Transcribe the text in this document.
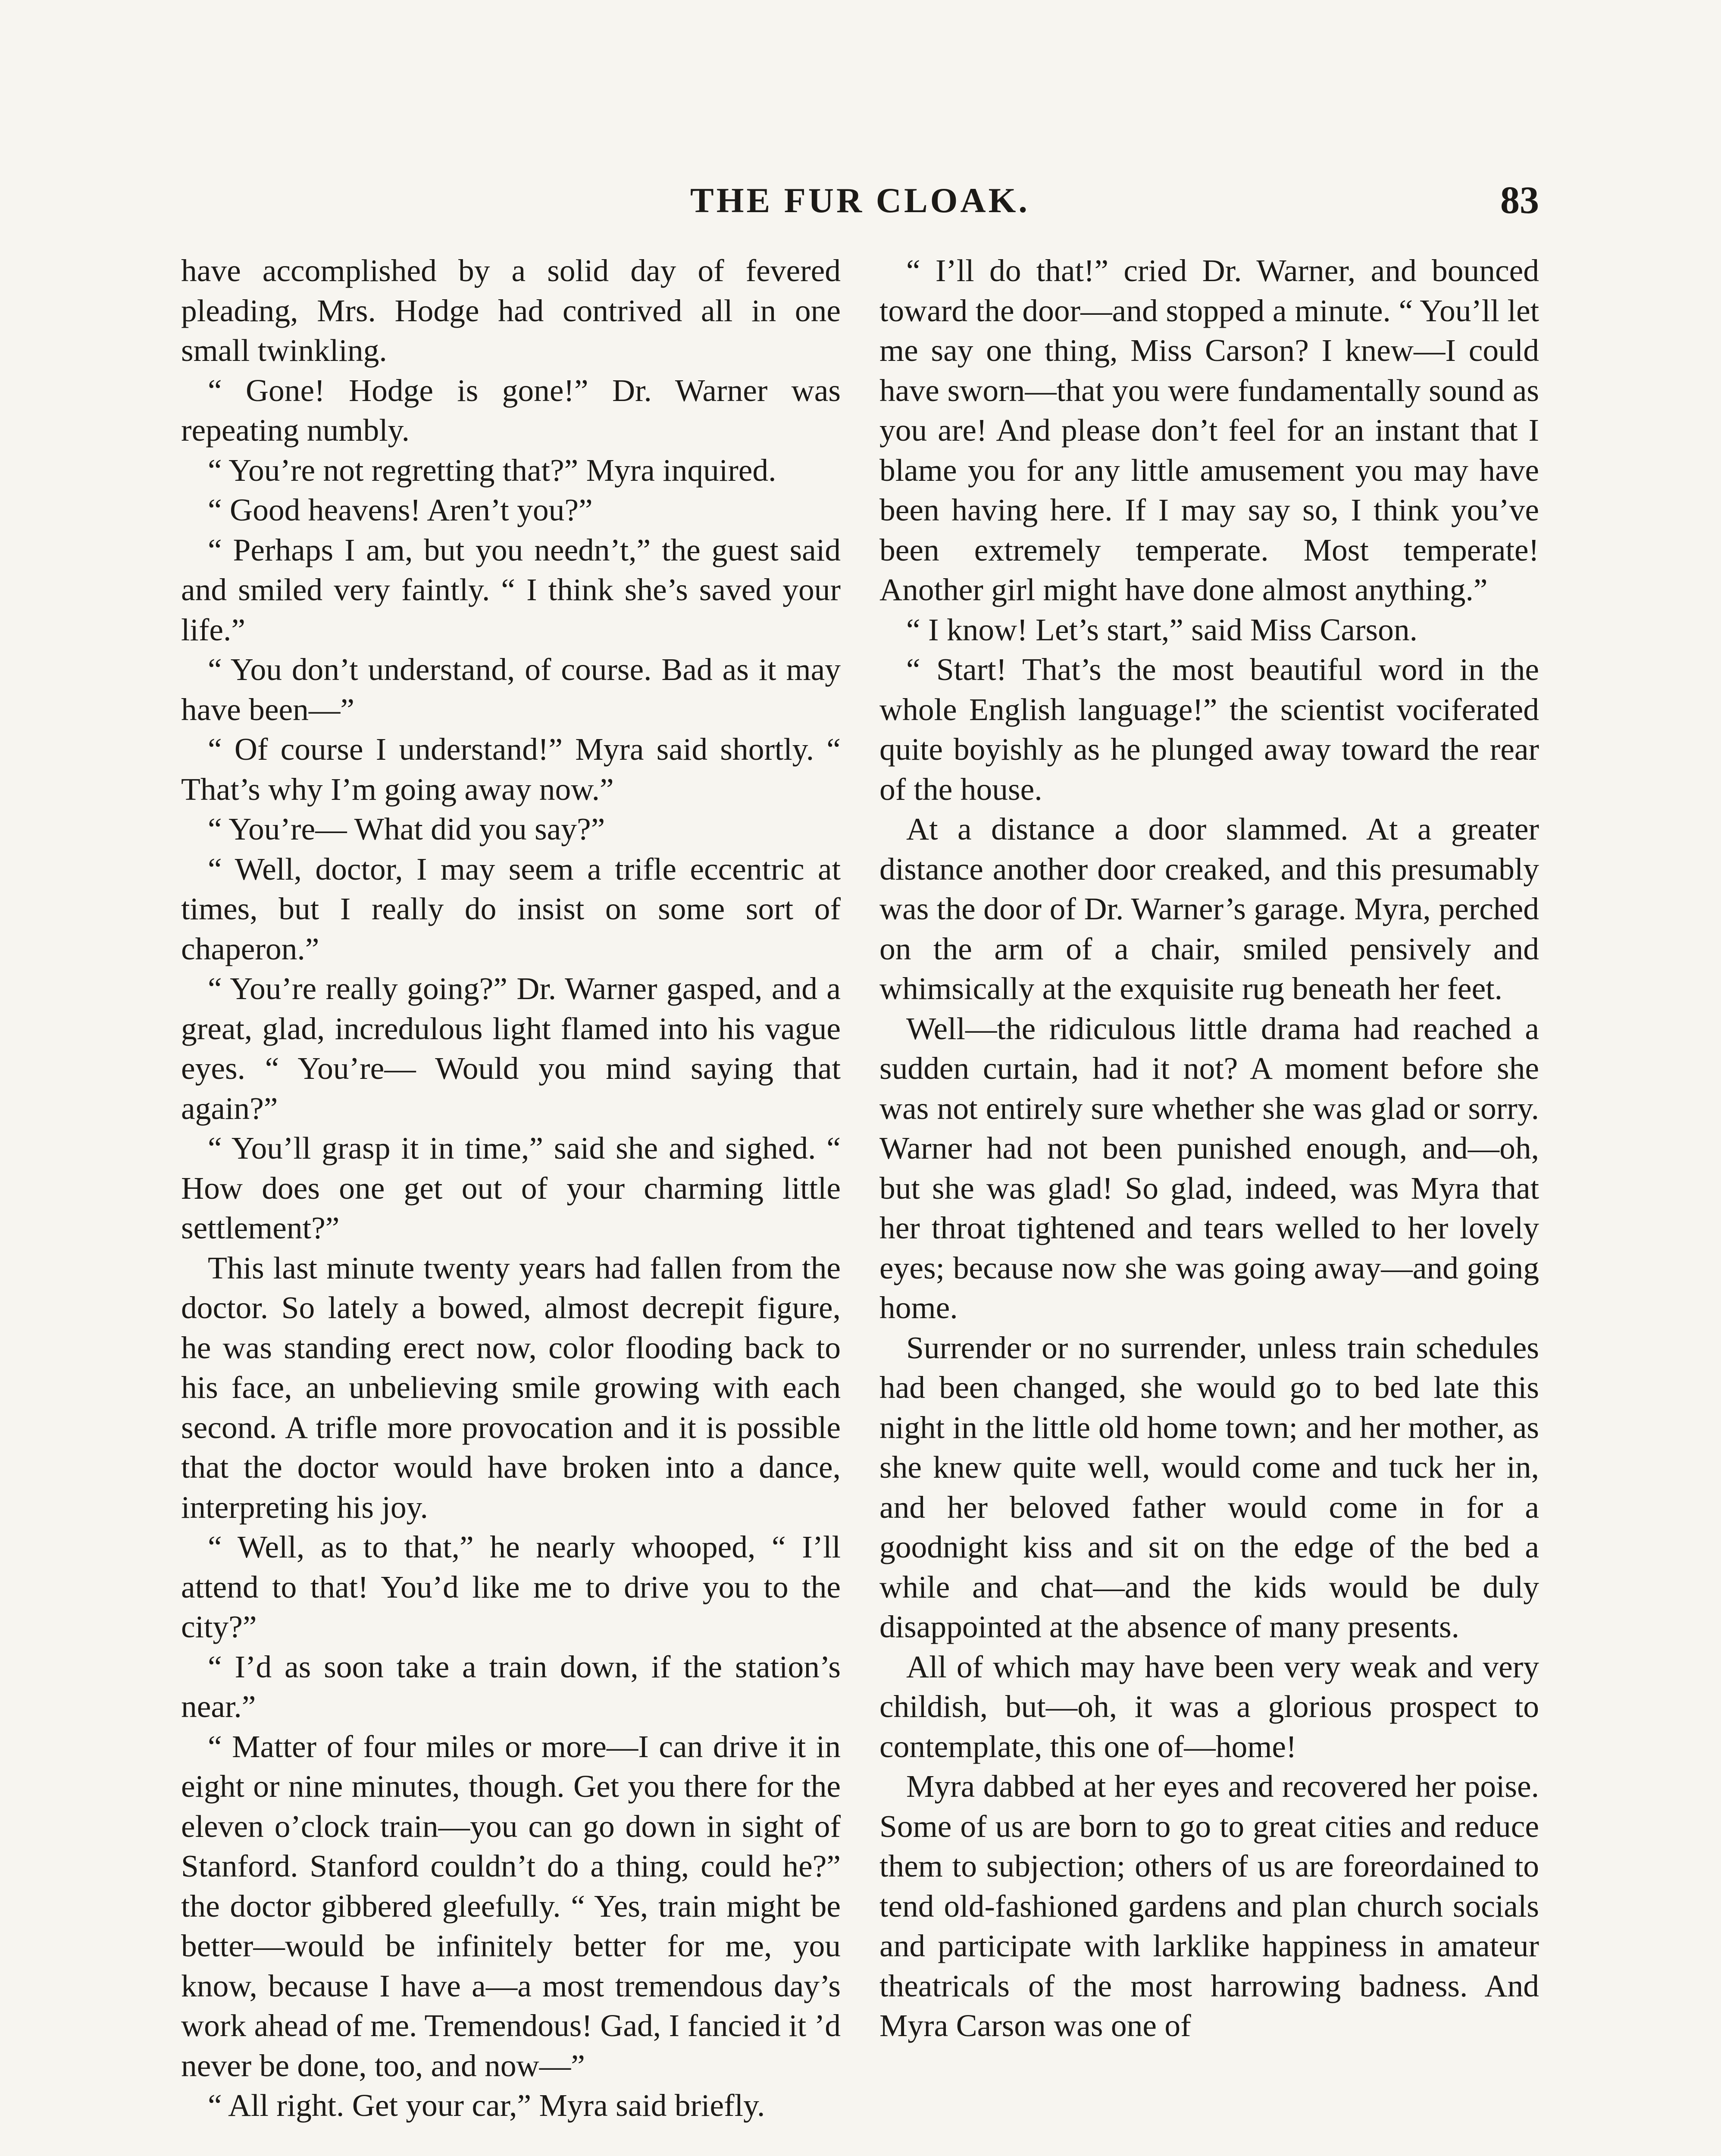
THE FUR CLOAK.	83

have accomplished by a solid day of fevered pleading, Mrs. Hodge had contrived all in one small twinkling.

“ Gone! Hodge is gone!” Dr. Warner was repeating numbly.

“ You’re not regretting that?” Myra inquired.

“ Good heavens! Aren’t you?”

“ Perhaps I am, but you needn’t,” the guest said and smiled very faintly. “ I think she’s saved your life.”

“ You don’t understand, of course. Bad as it may have been—”

“ Of course I understand!” Myra said shortly. “ That’s why I’m going away now.”

“ You’re— What did you say?”

“ Well, doctor, I may seem a trifle eccentric at times, but I really do insist on some sort of chaperon.”

“ You’re really going?” Dr. Warner gasped, and a great, glad, incredulous light flamed into his vague eyes. “ You’re— Would you mind saying that again?”

“ You’ll grasp it in time,” said she and sighed. “ How does one get out of your charming little settlement?”

This last minute twenty years had fallen from the doctor. So lately a bowed, almost decrepit figure, he was standing erect now, color flooding back to his face, an unbelieving smile growing with each second. A trifle more provocation and it is possible that the doctor would have broken into a dance, interpreting his joy.

“ Well, as to that,” he nearly whooped, “ I’ll attend to that! You’d like me to drive you to the city?”

“ I’d as soon take a train down, if the station’s near.”

“ Matter of four miles or more—I can drive it in eight or nine minutes, though. Get you there for the eleven o’clock train—you can go down in sight of Stanford. Stanford couldn’t do a thing, could he?” the doctor gibbered gleefully. “ Yes, train might be better—would be infinitely better for me, you know, because I have a—a most tremendous day’s work ahead of me. Tremendous! Gad, I fancied it ’d never be done, too, and now—”

“ All right. Get your car,” Myra said briefly.

“ I’ll do that!” cried Dr. Warner, and bounced toward the door—and stopped a minute. “ You’ll let me say one thing, Miss Carson? I knew—I could have sworn—that you were fundamentally sound as you are! And please don’t feel for an instant that I blame you for any little amusement you may have been having here. If I may say so, I think you’ve been extremely temperate. Most temperate! Another girl might have done almost anything.”

“ I know! Let’s start,” said Miss Carson.

“ Start! That’s the most beautiful word in the whole English language!” the scientist vociferated quite boyishly as he plunged away toward the rear of the house.

At a distance a door slammed. At a greater distance another door creaked, and this presumably was the door of Dr. Warner’s garage. Myra, perched on the arm of a chair, smiled pensively and whimsically at the exquisite rug beneath her feet.

Well—the ridiculous little drama had reached a sudden curtain, had it not? A moment before she was not entirely sure whether she was glad or sorry. Warner had not been punished enough, and—oh, but she was glad! So glad, indeed, was Myra that her throat tightened and tears welled to her lovely eyes; because now she was going away—and going home.

Surrender or no surrender, unless train schedules had been changed, she would go to bed late this night in the little old home town; and her mother, as she knew quite well, would come and tuck her in, and her beloved father would come in for a goodnight kiss and sit on the edge of the bed a while and chat—and the kids would be duly disappointed at the absence of many presents.

All of which may have been very weak and very childish, but—oh, it was a glorious prospect to contemplate, this one of—home!

Myra dabbed at her eyes and recovered her poise. Some of us are born to go to great cities and reduce them to subjection; others of us are foreordained to tend old-fashioned gardens and plan church socials and participate with larklike happiness in amateur theatricals of the most harrowing badness. And Myra Carson was one of
